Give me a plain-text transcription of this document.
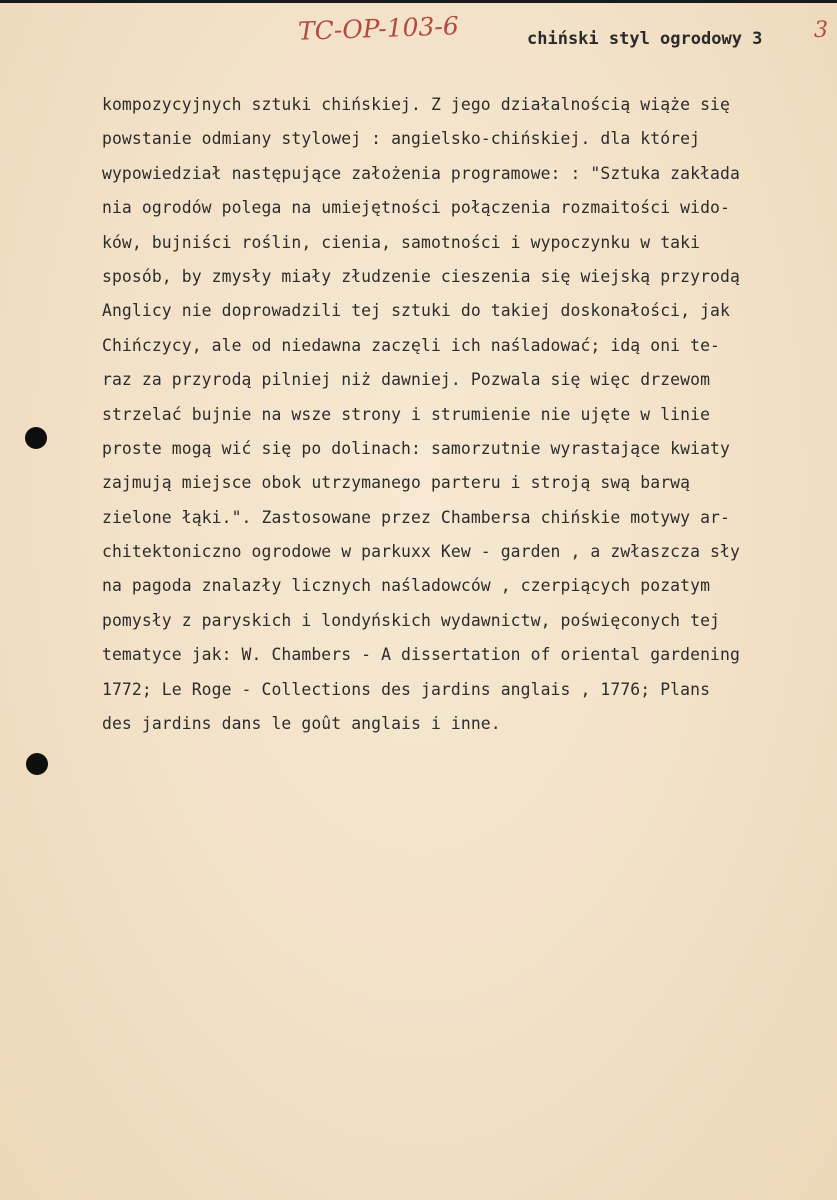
TC-OP-103-6	chiński styl ogrodowy 3 3
kompozycyjnych sztuki chińskiej. Z jego działalnością wiąże się
powstanie odmiany stylowej : angielsko-chińskiej. dla której
wypowiedział następujące założenia programowe: : "Sztuka zakłada
nia ogrodów polega na umiejętności połączenia rozmaitości wido-
ków, bujniści roślin, cienia, samotności i wypoczynku w taki
sposób, by zmysły miały złudzenie cieszenia się wiejską przyrodą
Anglicy nie doprowadzili tej sztuki do takiej doskonałości, jak
Chińczycy, ale od niedawna zaczęli ich naśladować; idą oni te-
raz za przyrodą pilniej niż dawniej. Pozwala się więc drzewom
strzelać bujnie na wsze strony i strumienie nie ujęte w linie
proste mogą wić się po dolinach: samorzutnie wyrastające kwiaty
zajmują miejsce obok utrzymanego parteru i stroją swą barwą
zielone łąki.". Zastosowane przez Chambersa chińskie motywy ar-
chitektoniczno ogrodowe w parkuxx Kew - garden , a zwłaszcza sły
na pagoda znalazły licznych naśladowców , czerpiących pozatym
pomysły z paryskich i londyńskich wydawnictw, poświęconych tej
tematyce jak: W. Chambers - A dissertation of oriental gardening
1772; Le Roge - Collections des jardins anglais , 1776; Plans
des jardins dans le goût anglais i inne.
